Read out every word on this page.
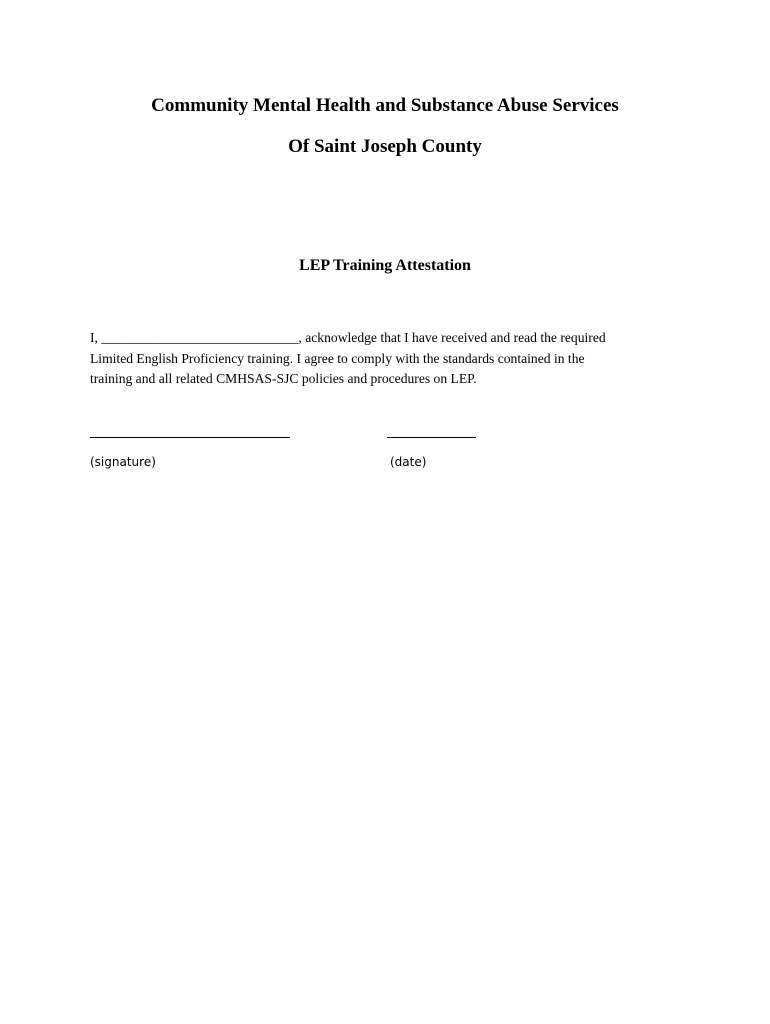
Community Mental Health and Substance Abuse Services
Of Saint Joseph County
LEP Training Attestation

I, _____________________________, acknowledge that I have received and read the required
Limited English Proficiency training. I agree to comply with the standards contained in the
training and all related CMHSAS-SJC policies and procedures on LEP.

(signature)	(date)
